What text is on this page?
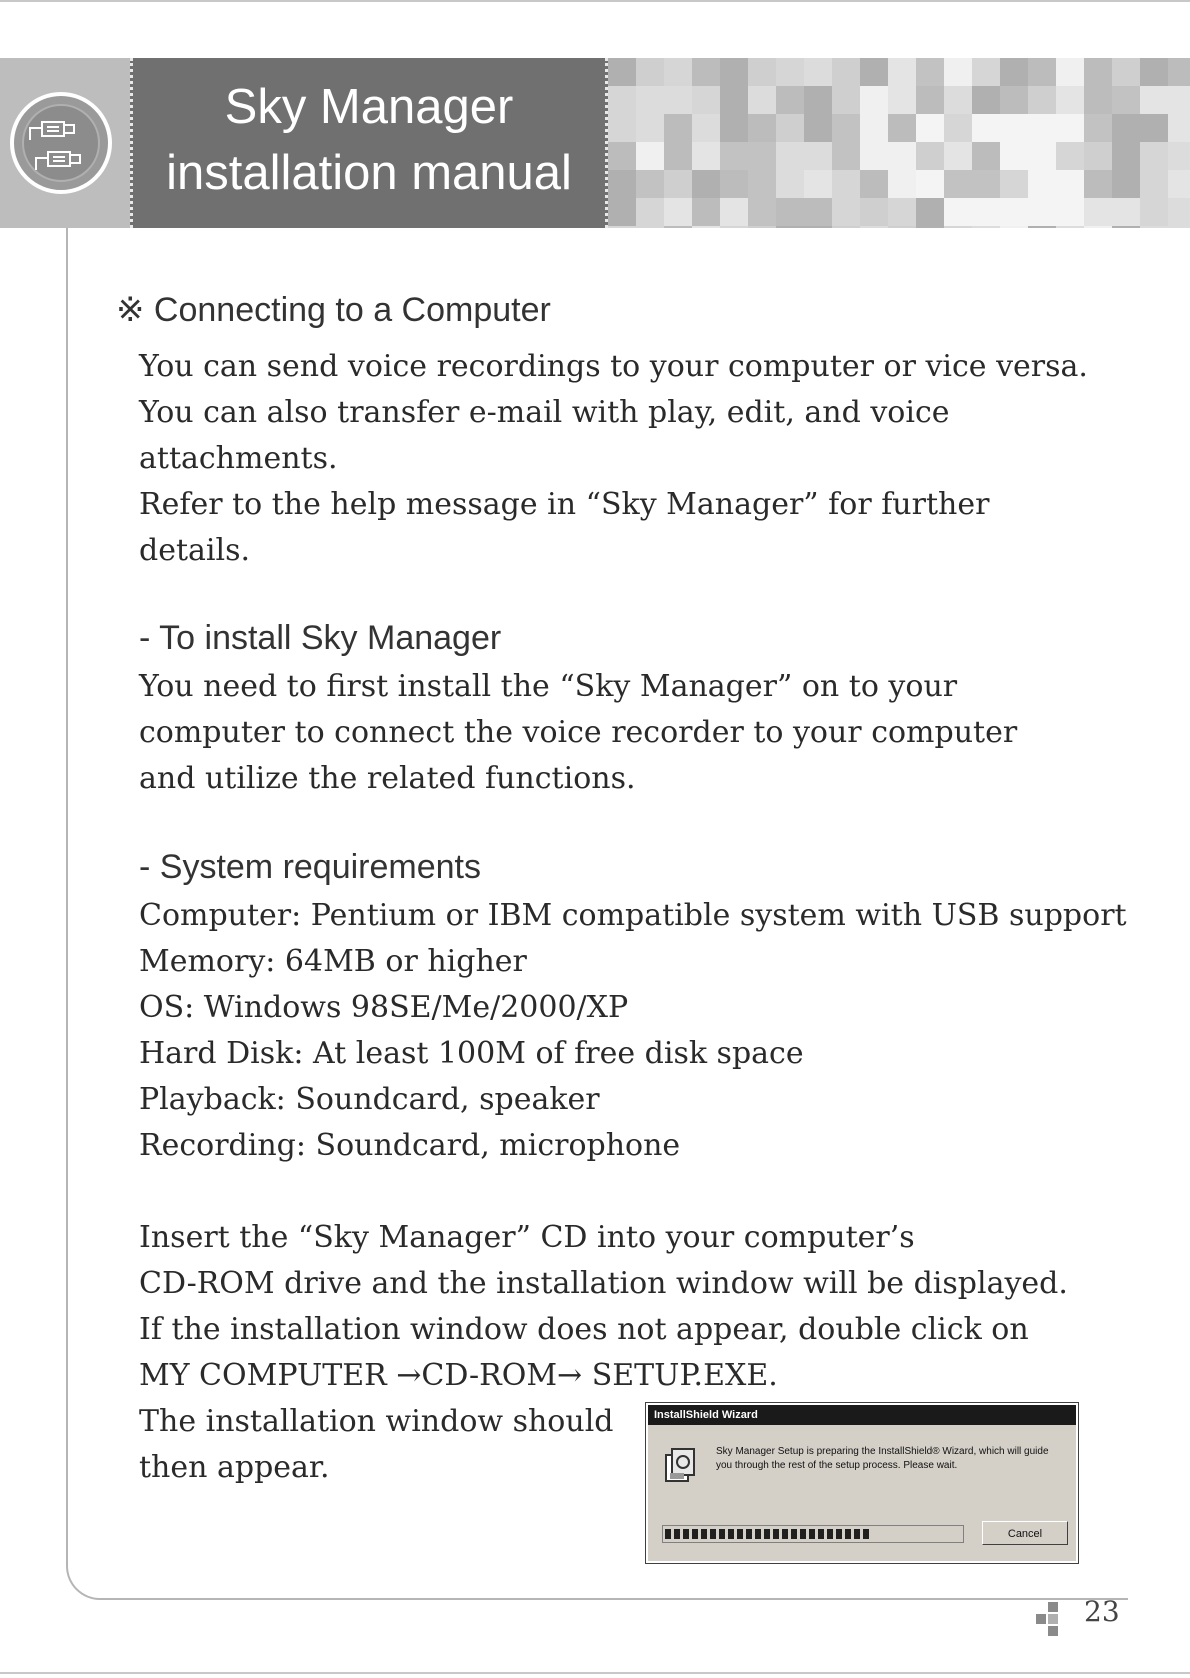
Sky Manager
installation manual
※ Connecting to a Computer
You can send voice recordings to your computer or vice versa.
You can also transfer e-mail with play, edit, and voice
attachments.
Refer to the help message in “Sky Manager” for further
details.
- To install Sky Manager
You need to first install the “Sky Manager” on to your
computer to connect the voice recorder to your computer
and utilize the related functions.
- System requirements
Computer: Pentium or IBM compatible system with USB support
Memory: 64MB or higher
OS: Windows 98SE/Me/2000/XP
Hard Disk: At least 100M of free disk space
Playback: Soundcard, speaker
Recording: Soundcard, microphone
Insert the “Sky Manager” CD into your computer’s
CD-ROM drive and the installation window will be displayed.
If the installation window does not appear, double click on
MY COMPUTER →CD-ROM→ SETUP.EXE.
The installation window should
then appear.
InstallShield Wizard
Sky Manager Setup is preparing the InstallShield® Wizard, which will guide you through the rest of the setup process. Please wait.
Cancel
23
